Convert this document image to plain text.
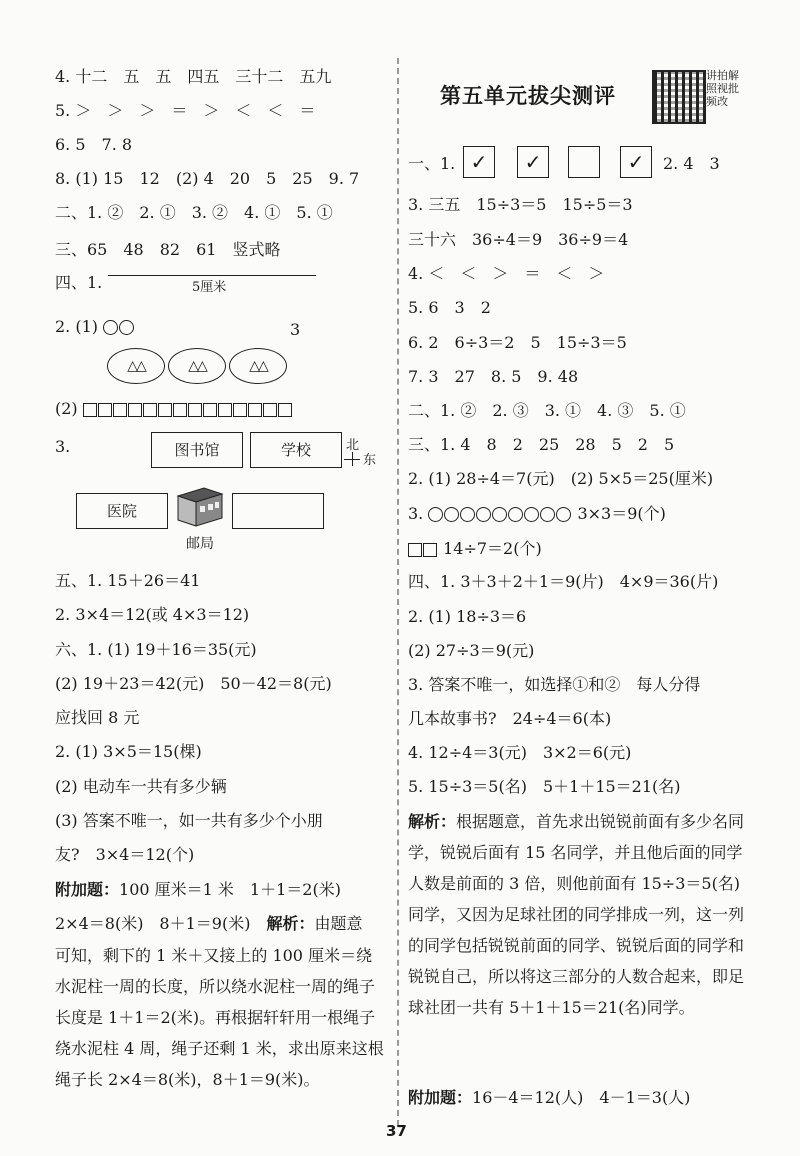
4. 十二　五　五　四五　三十二　五九
5. ＞　＞　＞　＝　＞　＜　＜　＝
6. 5　7. 8
8. (1) 15　12　(2) 4　20　5　25　9. 7
二、1. ②　2. ①　3. ②　4. ①　5. ①
三、65　48　82　61　竖式略
四、1.	5厘米
2. (1)	3
△△	△△	△△
(2)
3.	图书馆	学校	北
东
医院
邮局
五、1. 15＋26＝41
2. 3×4＝12(或 4×3＝12)
六、1. (1) 19＋16＝35(元)
(2) 19＋23＝42(元)　50－42＝8(元)
应找回 8 元
2. (1) 3×5＝15(棵)
(2) 电动车一共有多少辆
(3) 答案不唯一，如一共有多少个小朋
友?　3×4＝12(个)
附加题：100 厘米＝1 米　1＋1＝2(米)
2×4＝8(米)　8＋1＝9(米)　解析：由题意
可知，剩下的 1 米＋又接上的 100 厘米＝绕水泥柱一周的长度，所以绕水泥柱一周的绳子长度是 1＋1＝2(米)。再根据轩轩用一根绳子绕水泥柱 4 周，绳子还剩 1 米，求出原来这根绳子长 2×4＝8(米)，8＋1＝9(米)。
第五单元拔尖测评
讲拍解照视批频改
一、1. ✓	✓	✓	2. 4　3
3. 三五　15÷3＝5　15÷5＝3
三十六　36÷4＝9　36÷9＝4
4. ＜　＜　＞　＝　＜　＞
5. 6　3　2
6. 2　6÷3＝2　5　15÷3＝5
7. 3　27　8. 5　9. 48
二、1. ②　2. ③　3. ①　4. ③　5. ①
三、1. 4　8　2　25　28　5　2　5
2. (1) 28÷4＝7(元)　(2) 5×5＝25(厘米)
3.	3×3＝9(个)
14÷7＝2(个)
四、1. 3＋3＋2＋1＝9(片)　4×9＝36(片)
2. (1) 18÷3＝6
(2) 27÷3＝9(元)
3. 答案不唯一，如选择①和②　每人分得
几本故事书?　24÷4＝6(本)
4. 12÷4＝3(元)　3×2＝6(元)
5. 15÷3＝5(名)　5＋1＋15＝21(名)
解析：根据题意，首先求出锐锐前面有多少名同学，锐锐后面有 15 名同学，并且他后面的同学人数是前面的 3 倍，则他前面有 15÷3＝5(名)同学，又因为足球社团的同学排成一列，这一列的同学包括锐锐前面的同学、锐锐后面的同学和锐锐自己，所以将这三部分的人数合起来，即足球社团一共有 5＋1＋15＝21(名)同学。
附加题：16－4＝12(人)　4－1＝3(人)
37
